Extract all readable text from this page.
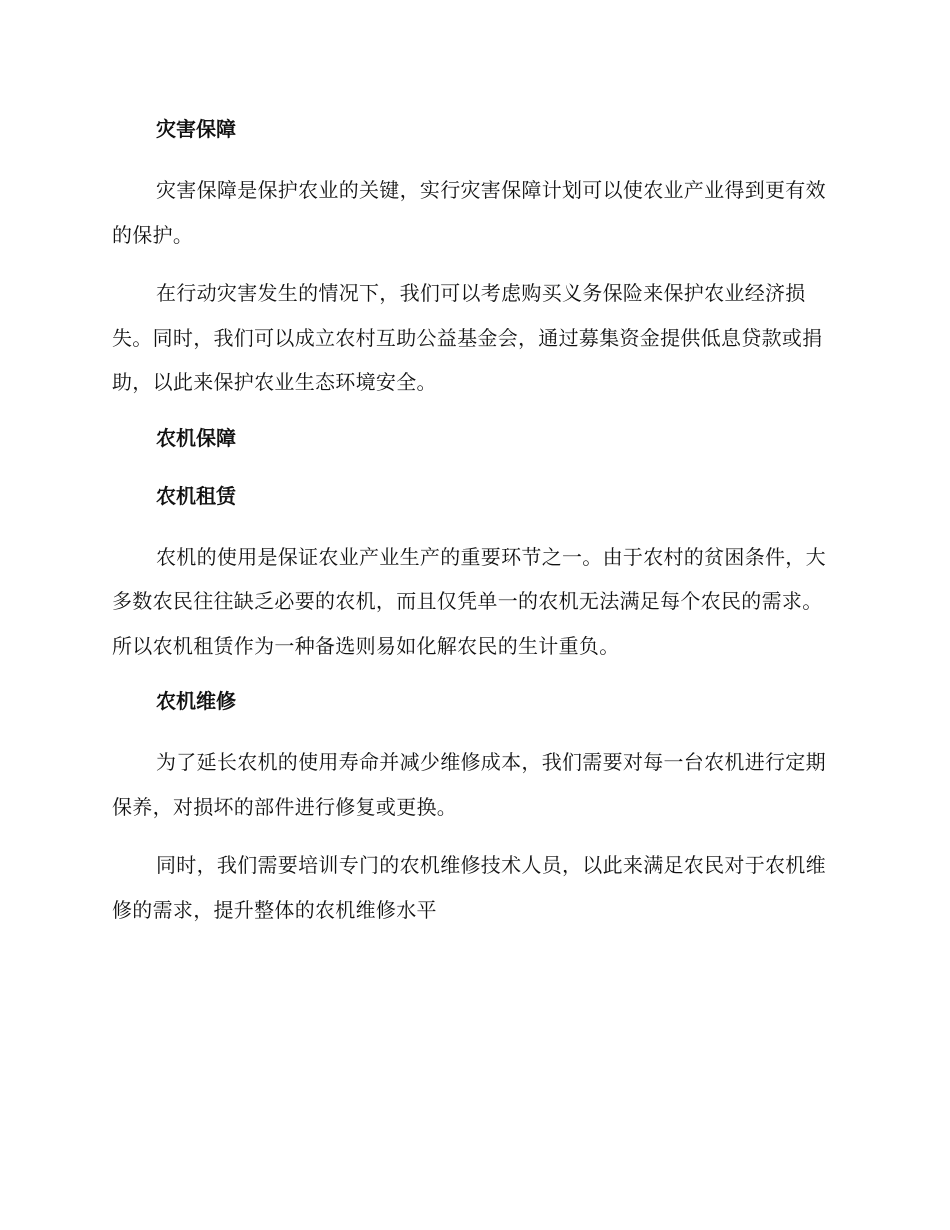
灾害保障

灾害保障是保护农业的关键，实行灾害保障计划可以使农业产业得到更有效的保护。

在行动灾害发生的情况下，我们可以考虑购买义务保险来保护农业经济损失。同时，我们可以成立农村互助公益基金会，通过募集资金提供低息贷款或捐助，以此来保护农业生态环境安全。

农机保障
农机租赁

农机的使用是保证农业产业生产的重要环节之一。由于农村的贫困条件，大多数农民往往缺乏必要的农机，而且仅凭单一的农机无法满足每个农民的需求。所以农机租赁作为一种备选则易如化解农民的生计重负。

农机维修

为了延长农机的使用寿命并减少维修成本，我们需要对每一台农机进行定期保养，对损坏的部件进行修复或更换。

同时，我们需要培训专门的农机维修技术人员，以此来满足农民对于农机维修的需求，提升整体的农机维修水平
